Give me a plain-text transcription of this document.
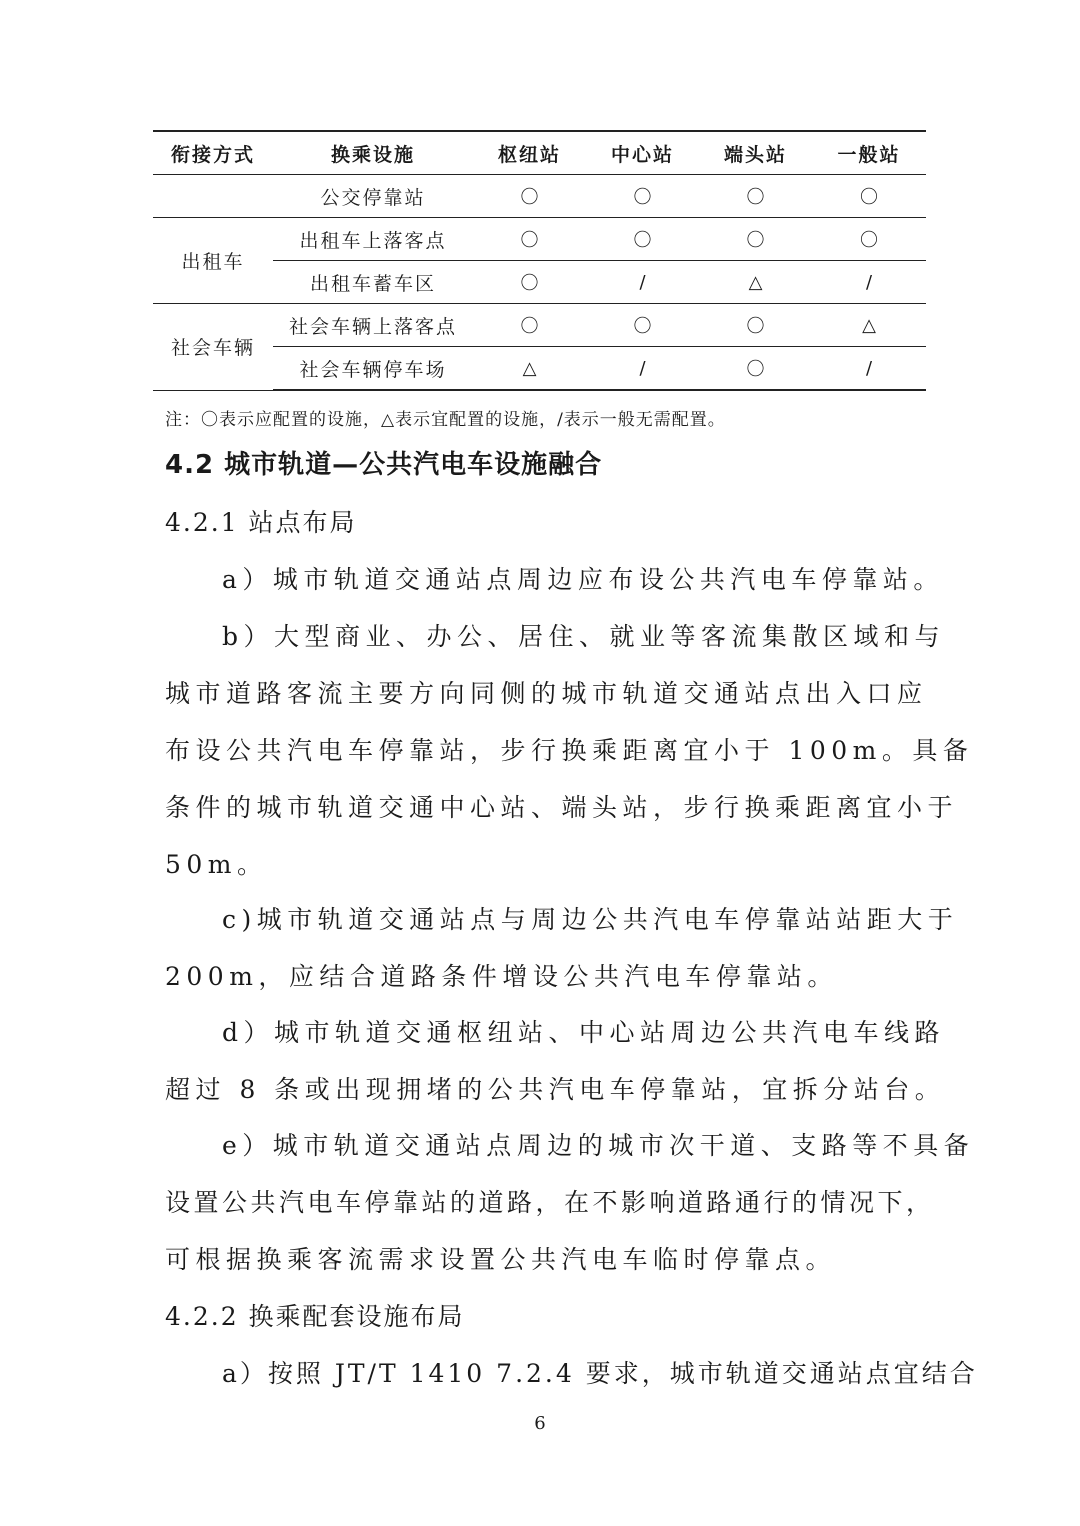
衔接方式	换乘设施	枢纽站	中心站	端头站	一般站
	公交停靠站	〇	〇	〇	〇
出租车	出租车上落客点	〇	〇	〇	〇
	出租车蓄车区	〇	/	△	/
社会车辆	社会车辆上落客点	〇	〇	〇	△
	社会车辆停车场	△	/	〇	/
注：〇表示应配置的设施，△表示宜配置的设施，/表示一般无需配置。
4.2 城市轨道—公共汽电车设施融合
4.2.1 站点布局
a）城市轨道交通站点周边应布设公共汽电车停靠站。
b）大型商业、办公、居住、就业等客流集散区域和与
城市道路客流主要方向同侧的城市轨道交通站点出入口应
布设公共汽电车停靠站，步行换乘距离宜小于 100m。具备
条件的城市轨道交通中心站、端头站，步行换乘距离宜小于
50m。
c)城市轨道交通站点与周边公共汽电车停靠站站距大于
200m，应结合道路条件增设公共汽电车停靠站。
d）城市轨道交通枢纽站、中心站周边公共汽电车线路
超过 8 条或出现拥堵的公共汽电车停靠站，宜拆分站台。
e）城市轨道交通站点周边的城市次干道、支路等不具备
设置公共汽电车停靠站的道路，在不影响道路通行的情况下，
可根据换乘客流需求设置公共汽电车临时停靠点。
4.2.2 换乘配套设施布局
a）按照 JT/T 1410 7.2.4 要求，城市轨道交通站点宜结合
6
